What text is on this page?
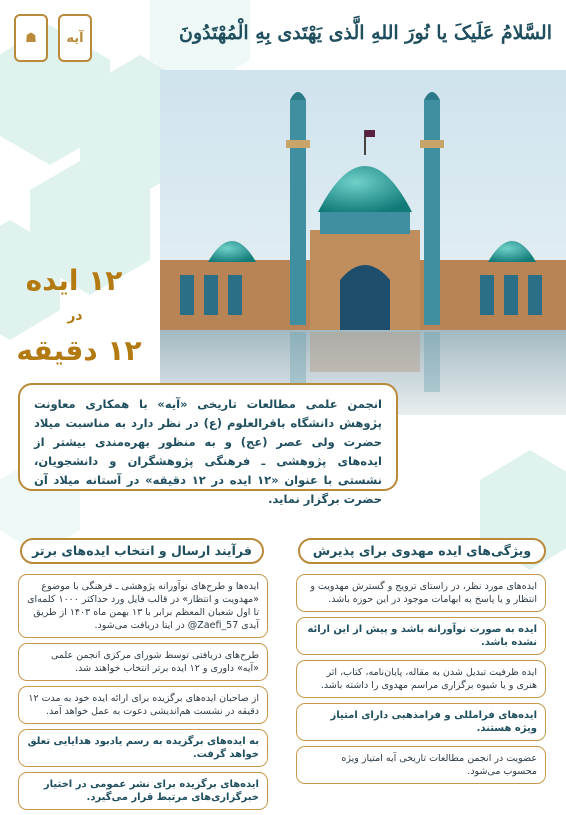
☗	آیه	السَّلامُ عَلَیکَ یا نُورَ اللهِ الَّذی یَهْتَدی بِهِ الْمُهْتَدُونَ
۱۲ ایده
در
۱۲ دقیقه
انجمن علمی مطالعات تاریخی «آیه» با همکاری معاونت پژوهش دانشگاه باقرالعلوم (ع) در نظر دارد به مناسبت میلاد حضرت ولی عصر (عج) و به منظور بهره‌مندی بیشتر از ایده‌های پژوهشی ـ فرهنگی پژوهشگران و دانشجویان، نشستی با عنوان «۱۲ ایده در ۱۲ دقیقه» در آستانه میلاد آن حضرت برگزار نماید.
ویژگی‌های ایده مهدوی برای پذیرش
فرآیند ارسال و انتخاب ایده‌های برتر
ایده‌های مورد نظر، در راستای ترویج و گسترش مهدویت و انتظار و یا پاسخ به ابهامات موجود در این حوزه باشد.
ایده به صورت نوآورانه باشد و پیش از این ارائه نشده باشد.
ایده ظرفیت تبدیل شدن به مقاله، پایان‌نامه، کتاب، اثر هنری و یا شیوه برگزاری مراسم مهدوی را داشته باشد.
ایده‌های فرامللی و فرامذهبی دارای امتیاز ویژه هستند.
عضویت در انجمن مطالعات تاریخی آیه امتیاز ویژه محسوب می‌شود.
ایده‌ها و طرح‌های نوآورانه پژوهشی ـ فرهنگی با موضوع «مهدویت و انتظار» در قالب فایل ورد حداکثر ۱۰۰۰ کلمه‌ای تا اول شعبان المعظم برابر با ۱۳ بهمن ماه ۱۴۰۳ از طریق آیدی Zaefi_57@ در ایتا دریافت می‌شود.
طرح‌های دریافتی توسط شورای مرکزی انجمن علمی «آیه» داوری و ۱۲ ایده برتر انتخاب خواهند شد.
از صاحبان ایده‌های برگزیده برای ارائه ایده خود به مدت ۱۲ دقیقه در نشست هم‌اندیشی دعوت به عمل خواهد آمد.
به ایده‌های برگزیده به رسم یادبود هدایایی تعلق خواهد گرفت.
ایده‌های برگزیده برای نشر عمومی در اختیار خبرگزاری‌های مرتبط قرار می‌گیرد.
